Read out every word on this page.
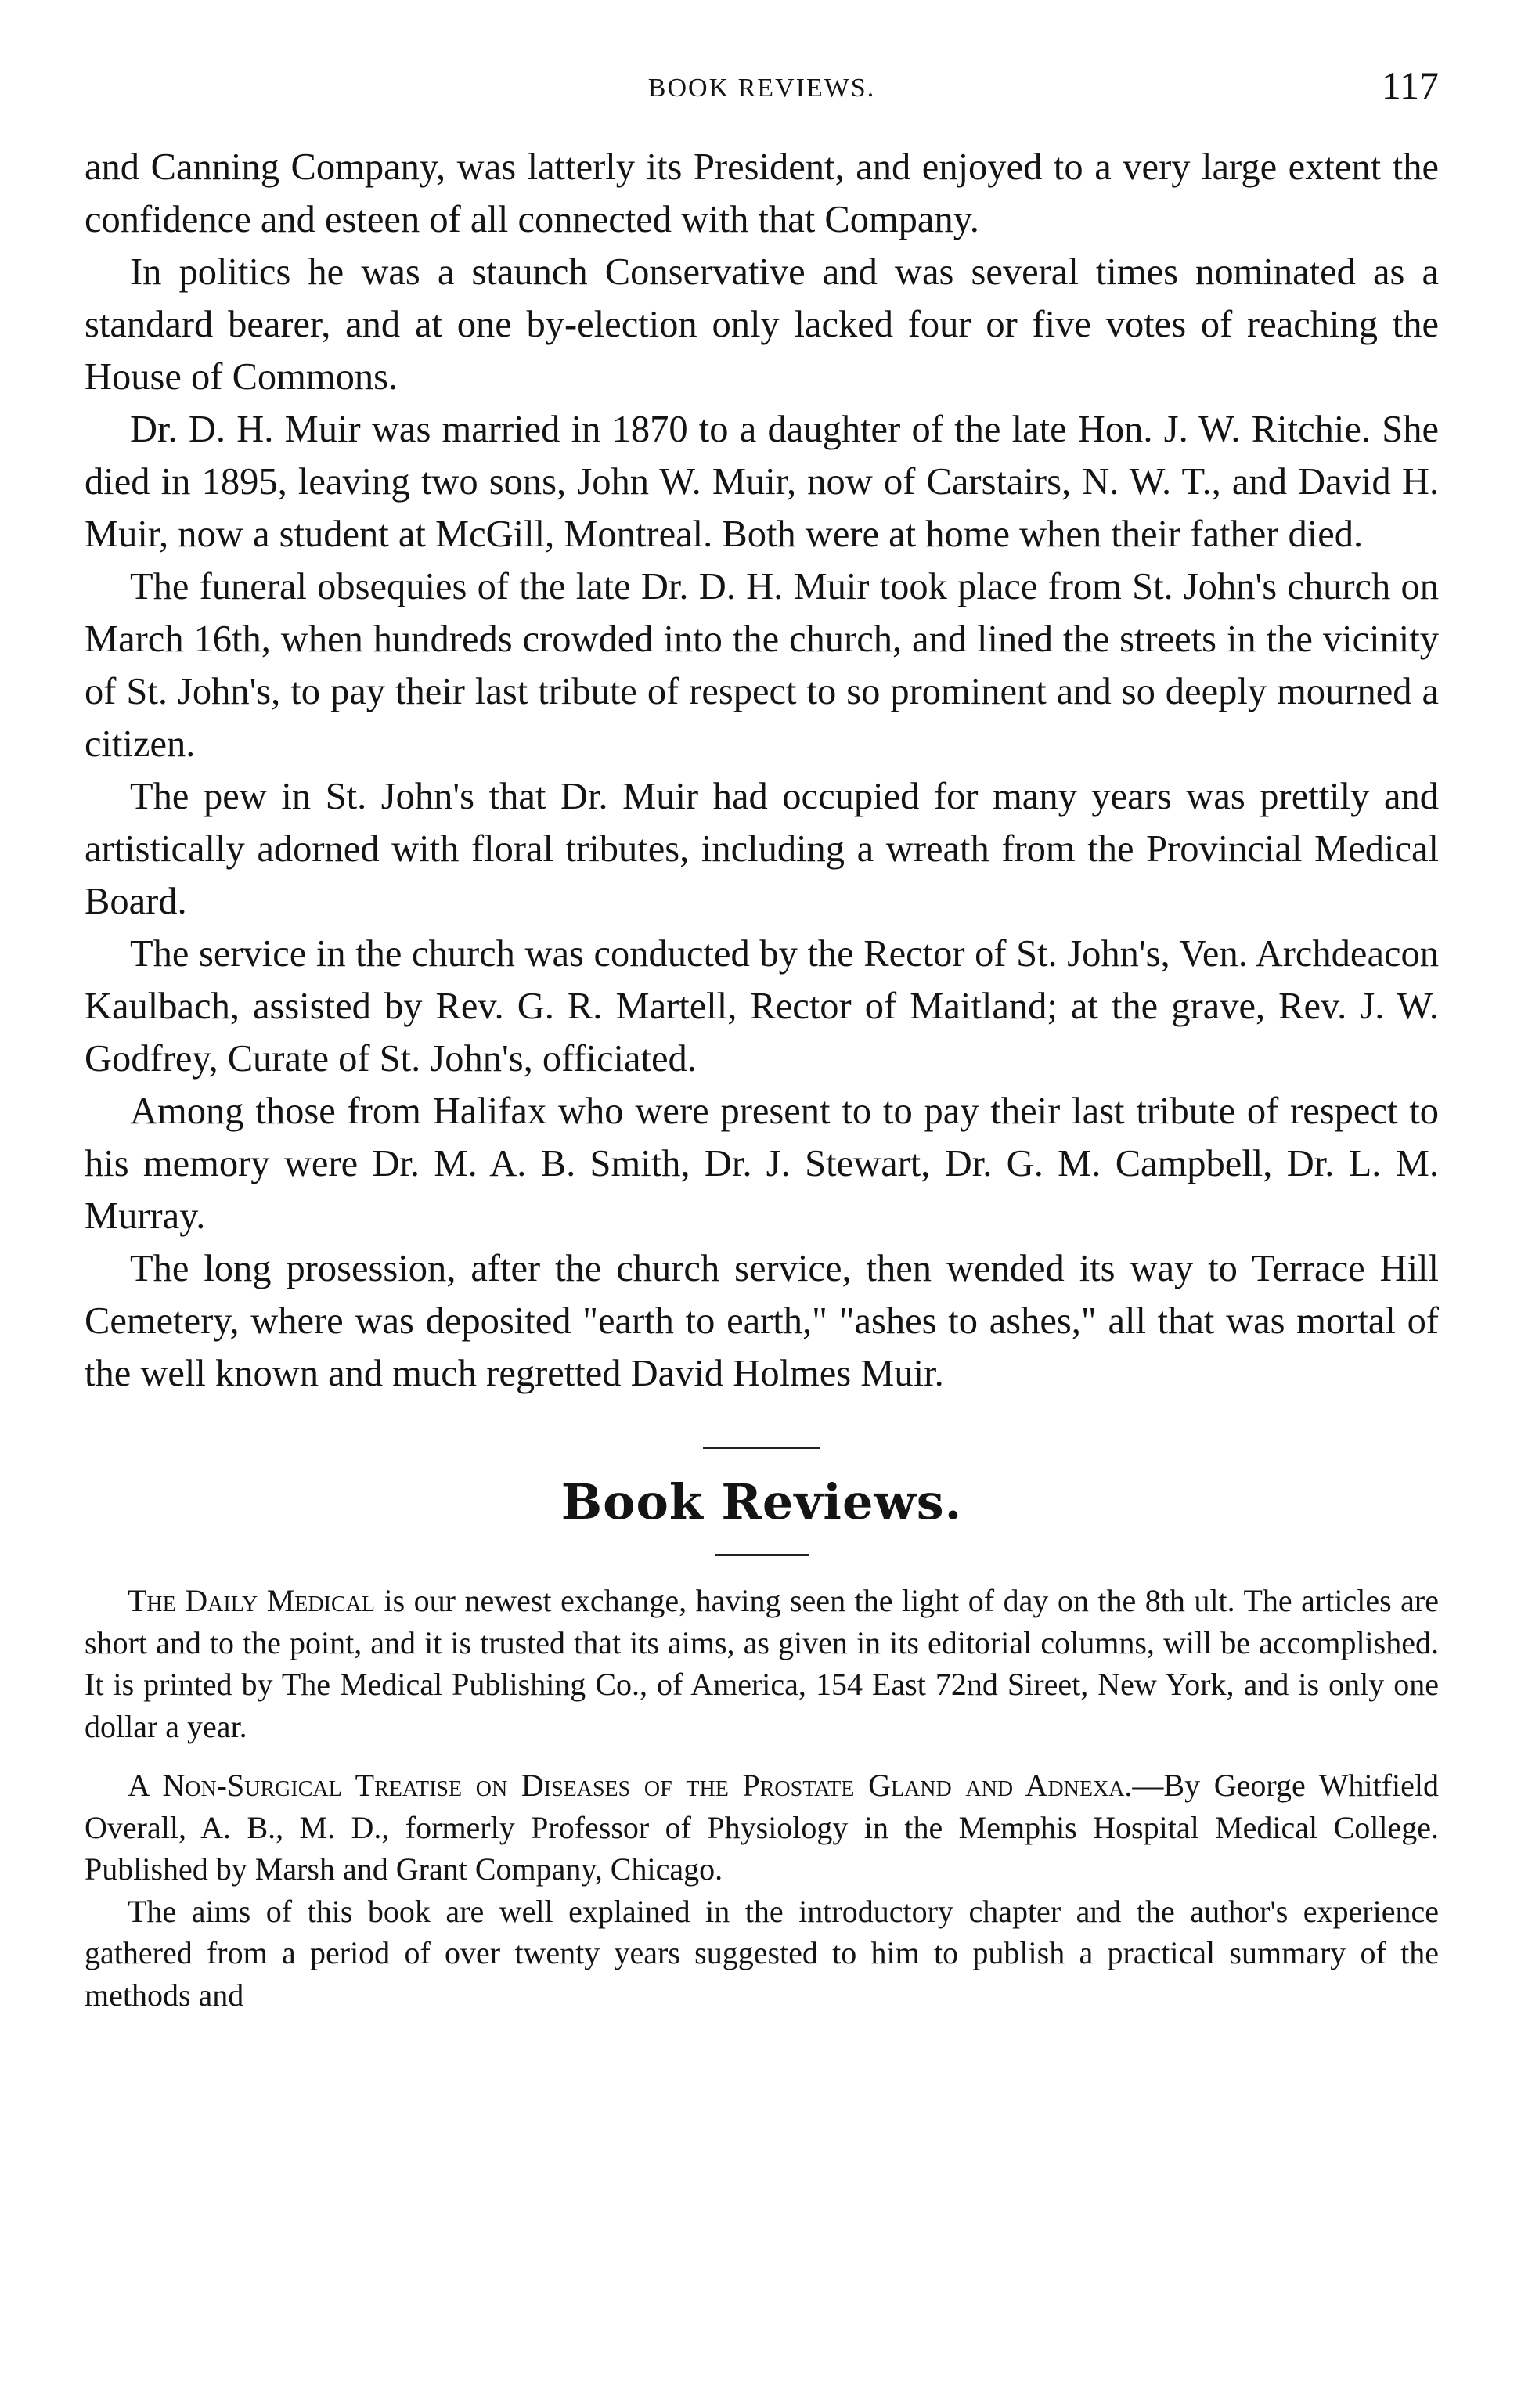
BOOK REVIEWS.	117

and Canning Company, was latterly its President, and enjoyed to a very large extent the confidence and esteen of all connected with that Company.

In politics he was a staunch Conservative and was several times nominated as a standard bearer, and at one by-election only lacked four or five votes of reaching the House of Commons.

Dr. D. H. Muir was married in 1870 to a daughter of the late Hon. J. W. Ritchie. She died in 1895, leaving two sons, John W. Muir, now of Carstairs, N. W. T., and David H. Muir, now a student at McGill, Montreal. Both were at home when their father died.

The funeral obsequies of the late Dr. D. H. Muir took place from St. John's church on March 16th, when hundreds crowded into the church, and lined the streets in the vicinity of St. John's, to pay their last tribute of respect to so prominent and so deeply mourned a citizen.

The pew in St. John's that Dr. Muir had occupied for many years was prettily and artistically adorned with floral tributes, including a wreath from the Provincial Medical Board.

The service in the church was conducted by the Rector of St. John's, Ven. Archdeacon Kaulbach, assisted by Rev. G. R. Martell, Rector of Maitland; at the grave, Rev. J. W. Godfrey, Curate of St. John's, officiated.

Among those from Halifax who were present to to pay their last tribute of respect to his memory were Dr. M. A. B. Smith, Dr. J. Stewart, Dr. G. M. Campbell, Dr. L. M. Murray.

The long prosession, after the church service, then wended its way to Terrace Hill Cemetery, where was deposited "earth to earth," "ashes to ashes," all that was mortal of the well known and much regretted David Holmes Muir.

Book Reviews.

The Daily Medical is our newest exchange, having seen the light of day on the 8th ult. The articles are short and to the point, and it is trusted that its aims, as given in its editorial columns, will be accomplished. It is printed by The Medical Publishing Co., of America, 154 East 72nd Sireet, New York, and is only one dollar a year.

A Non-Surgical Treatise on Diseases of the Prostate Gland and Adnexa.—By George Whitfield Overall, A. B., M. D., formerly Professor of Physiology in the Memphis Hospital Medical College. Published by Marsh and Grant Company, Chicago.

The aims of this book are well explained in the introductory chapter and the author's experience gathered from a period of over twenty years suggested to him to publish a practical summary of the methods and
